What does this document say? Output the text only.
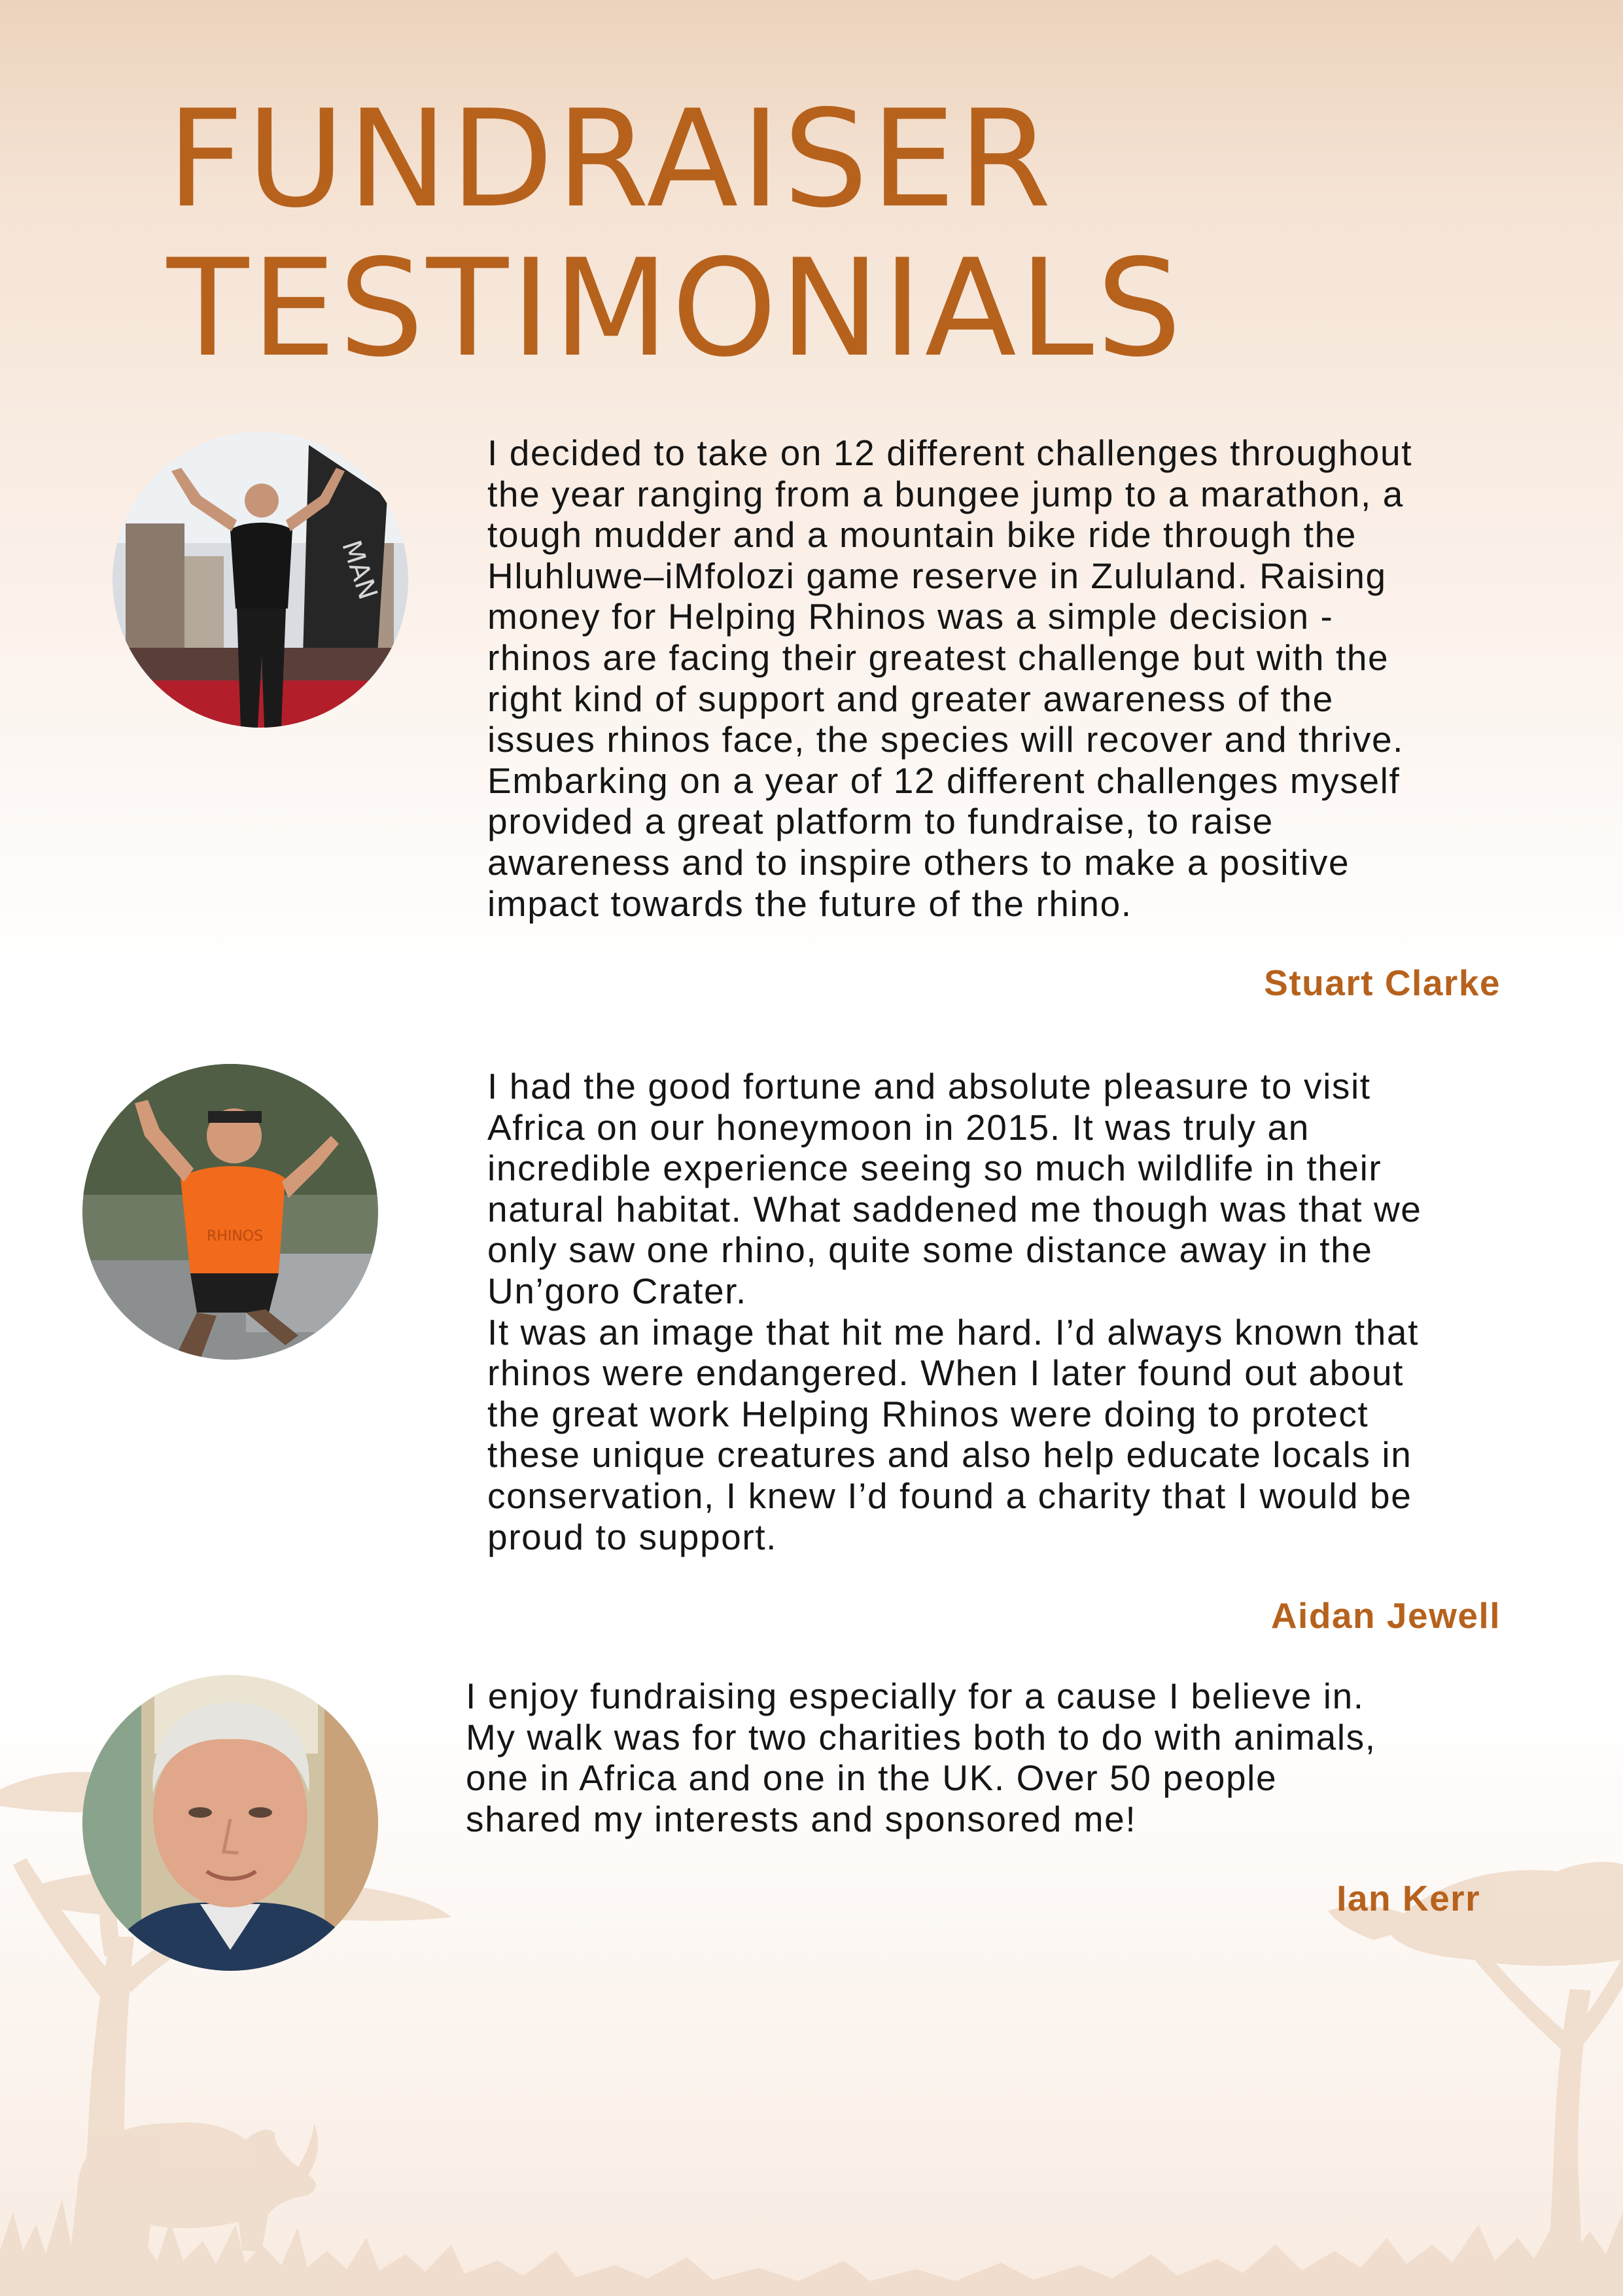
FUNDRAISER
TESTIMONIALS
MAN

I decided to take on 12 different challenges throughout
the year ranging from a bungee jump to a marathon, a
tough mudder and a mountain bike ride through the
Hluhluwe–iMfolozi game reserve in Zululand. Raising
money for Helping Rhinos was a simple decision -
rhinos are facing their greatest challenge but with the
right kind of support and greater awareness of the
issues rhinos face, the species will recover and thrive.
Embarking on a year of 12 different challenges myself
provided a great platform to fundraise, to raise
awareness and to inspire others to make a positive
impact towards the future of the rhino.

Stuart Clarke

RHINOS

I had the good fortune and absolute pleasure to visit
Africa on our honeymoon in 2015. It was truly an
incredible experience seeing so much wildlife in their
natural habitat. What saddened me though was that we
only saw one rhino, quite some distance away in the
Un’goro Crater.
It was an image that hit me hard. I’d always known that
rhinos were endangered. When I later found out about
the great work Helping Rhinos were doing to protect
these unique creatures and also help educate locals in
conservation, I knew I’d found a charity that I would be
proud to support.

Aidan Jewell

I enjoy fundraising especially for a cause I believe in.
My walk was for two charities both to do with animals,
one in Africa and one in the UK. Over 50 people
shared my interests and sponsored me!

Ian Kerr
